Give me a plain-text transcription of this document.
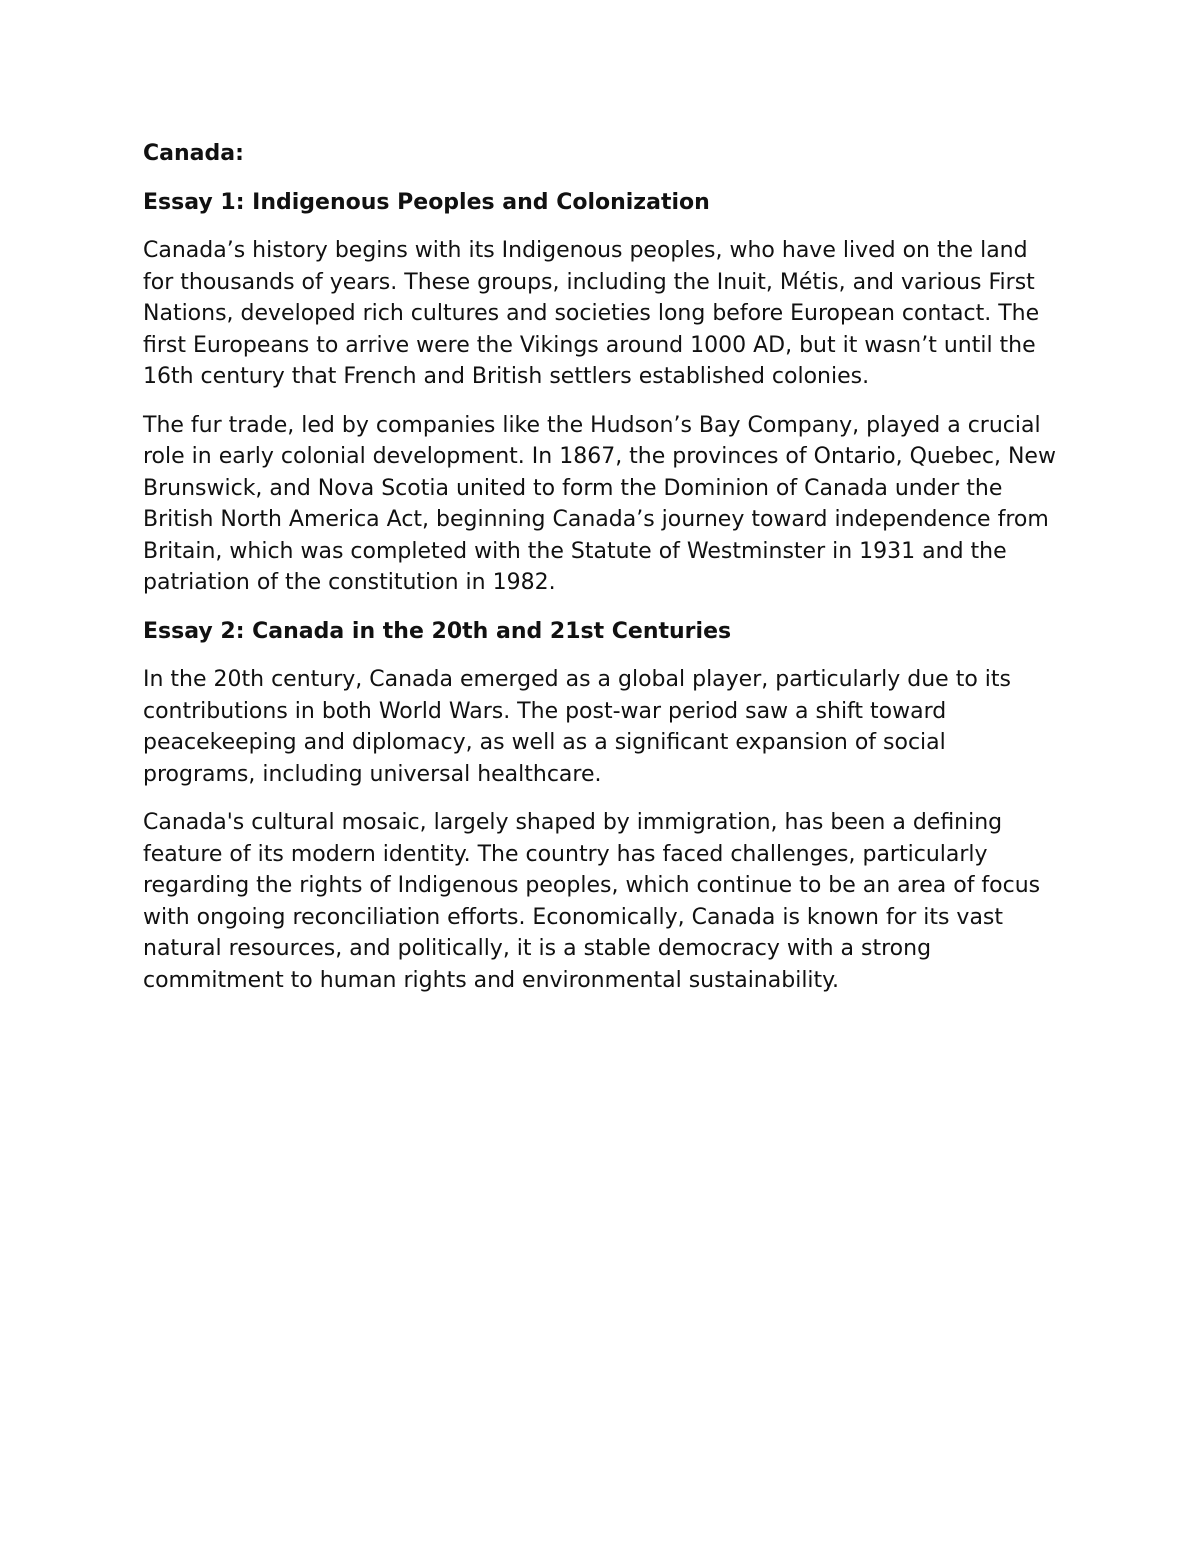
Canada:
Essay 1: Indigenous Peoples and Colonization

Canada’s history begins with its Indigenous peoples, who have lived on the land for thousands of years. These groups, including the Inuit, Métis, and various First Nations, developed rich cultures and societies long before European contact. The first Europeans to arrive were the Vikings around 1000 AD, but it wasn’t until the 16th century that French and British settlers established colonies.

The fur trade, led by companies like the Hudson’s Bay Company, played a crucial role in early colonial development. In 1867, the provinces of Ontario, Quebec, New Brunswick, and Nova Scotia united to form the Dominion of Canada under the British North America Act, beginning Canada’s journey toward independence from Britain, which was completed with the Statute of Westminster in 1931 and the patriation of the constitution in 1982.

Essay 2: Canada in the 20th and 21st Centuries

In the 20th century, Canada emerged as a global player, particularly due to its contributions in both World Wars. The post-war period saw a shift toward peacekeeping and diplomacy, as well as a significant expansion of social programs, including universal healthcare.

Canada's cultural mosaic, largely shaped by immigration, has been a defining feature of its modern identity. The country has faced challenges, particularly regarding the rights of Indigenous peoples, which continue to be an area of focus with ongoing reconciliation efforts. Economically, Canada is known for its vast natural resources, and politically, it is a stable democracy with a strong commitment to human rights and environmental sustainability.
